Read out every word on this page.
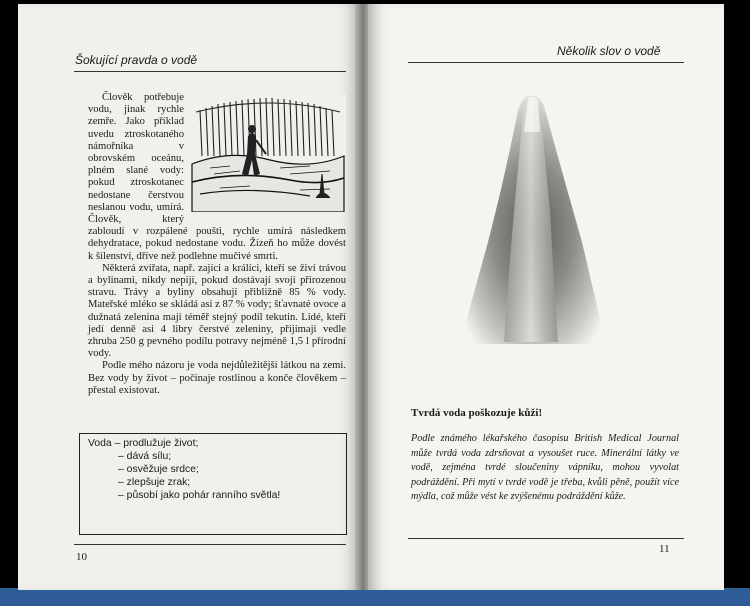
Šokující pravda o vodě

Člověk potřebuje vodu, jinak rychle zemře. Jako příklad uvedu ztroskotaného námořníka v obrovském oceánu, plném slané vody: pokud ztroskotanec nedostane čerstvou neslanou vodu, umírá. Člověk, který zabloudí v rozpálené poušti, rychle umírá následkem dehydratace, pokud nedostane vodu. Žízeň ho může dovést k šílenství, dříve než podlehne mučivé smrti.

Některá zvířata, např. zajíci a králíci, kteří se živí trávou a bylinami, nikdy nepijí, pokud dostávají svoji přirozenou stravu. Trávy a byliny obsahují přibližně 85 % vody. Mateřské mléko se skládá asi z 87 % vody; šťavnaté ovoce a dužnatá zelenina mají téměř stejný podíl tekutin. Lidé, kteří jedí denně asi 4 libry čerstvé zeleniny, přijímají vedle zhruba 250 g pevného podílu potravy nejméně 1,5 l přírodní vody.

Podle mého názoru je voda nejdůležitější látkou na zemi. Bez vody by život – počínaje rostlinou a konče člověkem – přestal existovat.

Voda – prodlužuje život;
– dává sílu;
– osvěžuje srdce;
– zlepšuje zrak;
– působí jako pohár ranního světla!
10
Několik slov o vodě
Tvrdá voda poškozuje kůži!
Podle známého lékařského časopisu British Medical Journal může tvrdá voda zdrsňovat a vysoušet ruce. Minerální látky ve vodě, zejména tvrdé sloučeniny vápníku, mohou vyvolat podráždění. Při mytí v tvrdé vodě je třeba, kvůli pěně, použít více mýdla, což může vést ke zvýšenému podráždění kůže.
11
